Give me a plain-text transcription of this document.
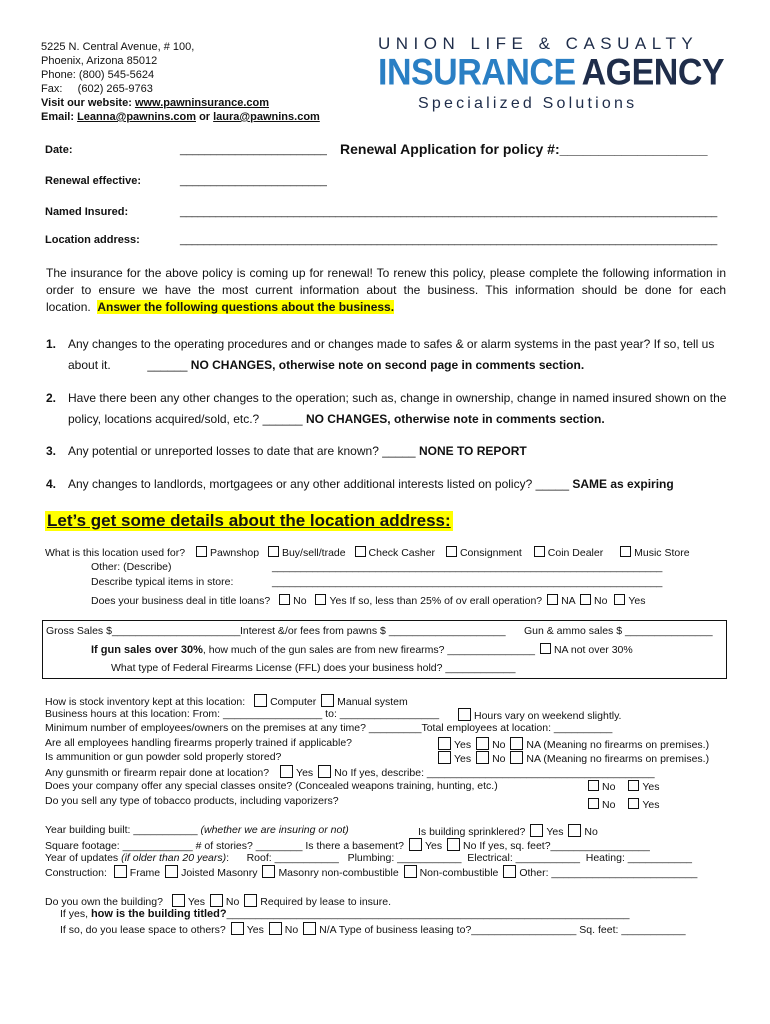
5225 N. Central Avenue, # 100,
Phoenix, Arizona 85012
Phone: (800) 545-5624
Fax:     (602) 265-9763
Visit our website: www.pawninsurance.com
Email: Leanna@pawnins.com or laura@pawnins.com
UNION LIFE & CASUALTY
INSURANCE AGENCY
Specialized Solutions
Date:	________________________ Renewal Application for policy #:___________________
Renewal effective:	________________________
Named Insured:	__________________________________________________________________________________________
Location address:	__________________________________________________________________________________________
The insurance for the above policy is coming up for renewal! To renew this policy, please complete the following information in order to ensure we have the most current information about the business. This information should be done for each location. Answer the following questions about the business.
1. Any changes to the operating procedures and or changes made to safes & or alarm systems in the past year? If so, tell us about it.	______ NO CHANGES, otherwise note on second page in comments section.
2. Have there been any other changes to the operation; such as, change in ownership, change in named insured shown on the policy, locations acquired/sold, etc.? ______ NO CHANGES, otherwise note in comments section.
3. Any potential or unreported losses to date that are known? _____ NONE TO REPORT
4. Any changes to landlords, mortgagees or any other additional interests listed on policy? _____ SAME as expiring
Let’s get some details about the location address:
What is this location used for? Pawnshop Buy/sell/trade Check Casher Consignment Coin Dealer	Music Store
Other: (Describe)	____________________________________________________________________
Describe typical items in store:	____________________________________________________________________
Does your business deal in title loans? No Yes If so, less than 25% of ov erall operation? NA No Yes
Gross Sales $______________________ Interest &/or fees from pawns $ ____________________ Gun & ammo sales $ _______________
If gun sales over 30%, how much of the gun sales are from new firearms? _______________ NA not over 30%
What type of Federal Firearms License (FFL) does your business hold? ____________
How is stock inventory kept at this location: Computer Manual system
Business hours at this location: From: _________________ to: _________________	Hours vary on weekend slightly.
Minimum number of employees/owners on the premises at any time? _________Total employees at location: __________
Are all employees handling firearms properly trained if applicable?	Yes No NA (Meaning no firearms on premises.)
Is ammunition or gun powder sold properly stored?	Yes No NA (Meaning no firearms on premises.)
Any gunsmith or firearm repair done at location?	Yes No If yes, describe: _______________________________________
Does your company offer any special classes onsite? (Concealed weapons training, hunting, etc.)	No	Yes
Do you sell any type of tobacco products, including vaporizers?	No	Yes
Year building built: ___________ (whether we are insuring or not)	Is building sprinklered? Yes No
Square footage: ____________ # of stories? ________ Is there a basement? Yes No If yes, sq. feet?_________________
Year of updates (if older than 20 years):      Roof: ___________   Plumbing: ___________  Electrical: ___________  Heating: ___________
Construction: Frame Joisted Masonry Masonry non-combustible Non-combustible Other: _________________________
Do you own the building? Yes No Required by lease to insure.
If yes, how is the building titled?_____________________________________________________________________
If so, do you lease space to others? Yes No N/A Type of business leasing to?__________________ Sq. feet: ___________
